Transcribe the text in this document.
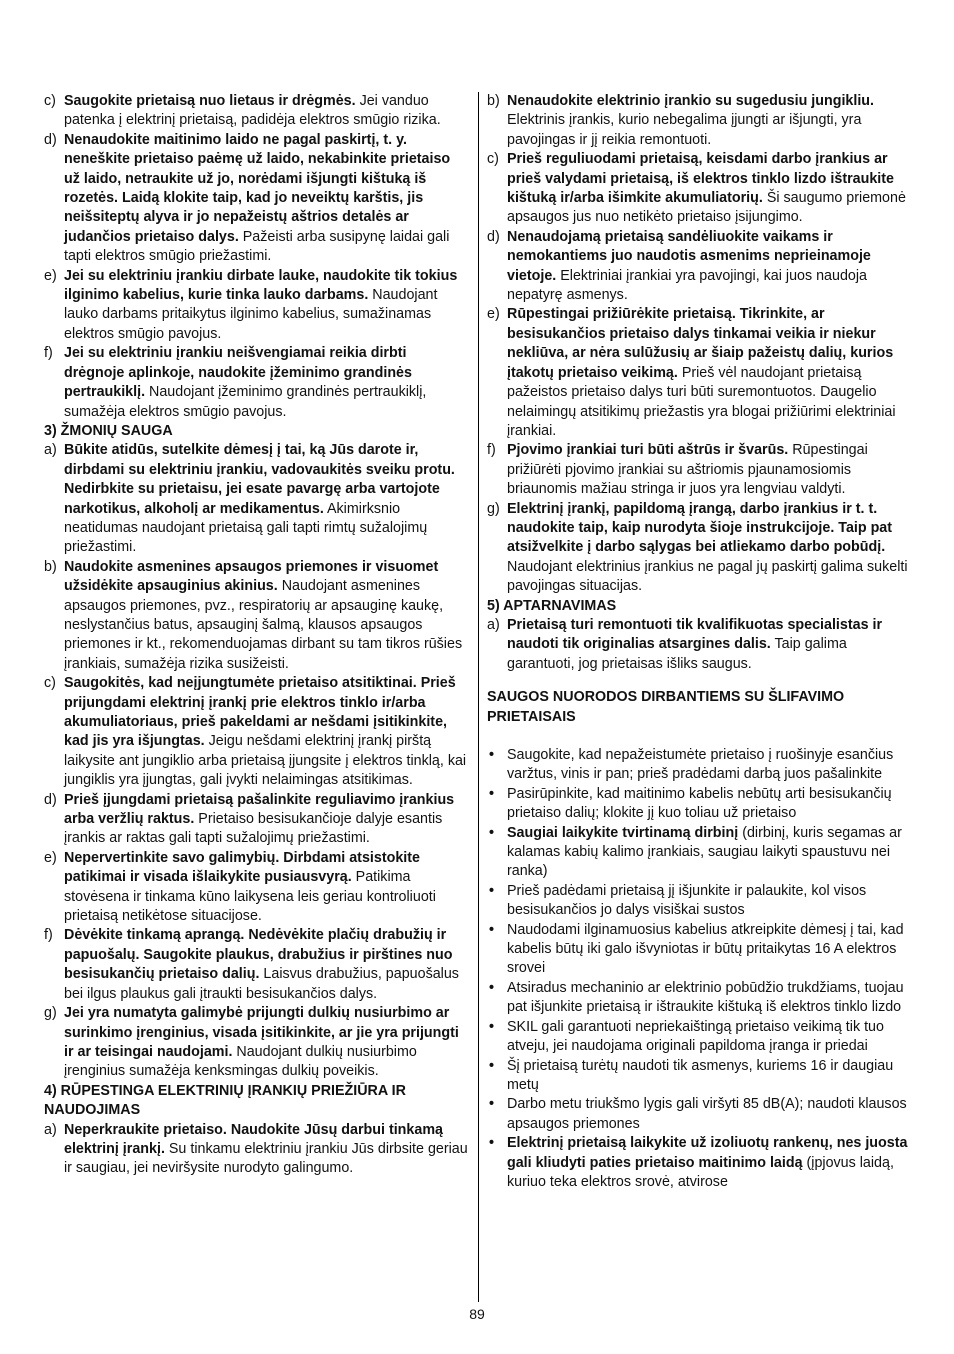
c) Saugokite prietaisą nuo lietaus ir drėgmės. Jei vanduo patenka į elektrinį prietaisą, padidėja elektros smūgio rizika.
d) Nenaudokite maitinimo laido ne pagal paskirtį, t. y. neneškite prietaiso paėmę už laido, nekabinkite prietaiso už laido, netraukite už jo, norėdami išjungti kištuką iš rozetės. Laidą klokite taip, kad jo neveiktų karštis, jis neišsiteptų alyva ir jo nepažeistų aštrios detalės ar judančios prietaiso dalys. Pažeisti arba susipynę laidai gali tapti elektros smūgio priežastimi.
e) Jei su elektriniu įrankiu dirbate lauke, naudokite tik tokius ilginimo kabelius, kurie tinka lauko darbams. Naudojant lauko darbams pritaikytus ilginimo kabelius, sumažinamas elektros smūgio pavojus.
f) Jei su elektriniu įrankiu neišvengiamai reikia dirbti drėgnoje aplinkoje, naudokite įžeminimo grandinės pertraukiklį. Naudojant įžeminimo grandinės pertraukiklį, sumažėja elektros smūgio pavojus.
3) ŽMONIŲ SAUGA
a) Būkite atidūs, sutelkite dėmesį į tai, ką Jūs darote ir, dirbdami su elektriniu įrankiu, vadovaukitės sveiku protu. Nedirbkite su prietaisu, jei esate pavargę arba vartojote narkotikus, alkoholį ar medikamentus. Akimirksnio neatidumas naudojant prietaisą gali tapti rimtų sužalojimų priežastimi.
b) Naudokite asmenines apsaugos priemones ir visuomet užsidėkite apsauginius akinius. Naudojant asmenines apsaugos priemones, pvz., respiratorių ar apsauginę kaukę, neslystančius batus, apsauginį šalmą, klausos apsaugos priemones ir kt., rekomenduojamas dirbant su tam tikros rūšies įrankiais, sumažėja rizika susižeisti.
c) Saugokitės, kad neįjungtumėte prietaiso atsitiktinai. Prieš prijungdami elektrinį įrankį prie elektros tinklo ir/arba akumuliatoriaus, prieš pakeldami ar nešdami įsitikinkite, kad jis yra išjungtas. Jeigu nešdami elektrinį įrankį pirštą laikysite ant jungiklio arba prietaisą įjungsite į elektros tinklą, kai jungiklis yra įjungtas, gali įvykti nelaimingas atsitikimas.
d) Prieš įjungdami prietaisą pašalinkite reguliavimo įrankius arba veržlių raktus. Prietaiso besisukančioje dalyje esantis įrankis ar raktas gali tapti sužalojimų priežastimi.
e) Nepervertinkite savo galimybių. Dirbdami atsistokite patikimai ir visada išlaikykite pusiausvyrą. Patikima stovėsena ir tinkama kūno laikysena leis geriau kontroliuoti prietaisą netikėtose situacijose.
f) Dėvėkite tinkamą aprangą. Nedėvėkite plačių drabužių ir papuošalų. Saugokite plaukus, drabužius ir pirštines nuo besisukančių prietaiso dalių. Laisvus drabužius, papuošalus bei ilgus plaukus gali įtraukti besisukančios dalys.
g) Jei yra numatyta galimybė prijungti dulkių nusiurbimo ar surinkimo įrenginius, visada įsitikinkite, ar jie yra prijungti ir ar teisingai naudojami. Naudojant dulkių nusiurbimo įrenginius sumažėja kenksmingas dulkių poveikis.
4) RŪPESTINGA ELEKTRINIŲ ĮRANKIŲ PRIEŽIŪRA IR NAUDOJIMAS
a) Neperkraukite prietaiso. Naudokite Jūsų darbui tinkamą elektrinį įrankį. Su tinkamu elektriniu įrankiu Jūs dirbsite geriau ir saugiau, jei neviršysite nurodyto galingumo.
b) Nenaudokite elektrinio įrankio su sugedusiu jungikliu. Elektrinis įrankis, kurio nebegalima įjungti ar išjungti, yra pavojingas ir jį reikia remontuoti.
c) Prieš reguliuodami prietaisą, keisdami darbo įrankius ar prieš valydami prietaisą, iš elektros tinklo lizdo ištraukite kištuką ir/arba išimkite akumuliatorių. Ši saugumo priemonė apsaugos jus nuo netikėto prietaiso įsijungimo.
d) Nenaudojamą prietaisą sandėliuokite vaikams ir nemokantiems juo naudotis asmenims neprieinamoje vietoje. Elektriniai įrankiai yra pavojingi, kai juos naudoja nepatyrę asmenys.
e) Rūpestingai prižiūrėkite prietaisą. Tikrinkite, ar besisukančios prietaiso dalys tinkamai veikia ir niekur nekliūva, ar nėra sulūžusių ar šiaip pažeistų dalių, kurios įtakotų prietaiso veikimą. Prieš vėl naudojant prietaisą pažeistos prietaiso dalys turi būti suremontuotos. Daugelio nelaimingų atsitikimų priežastis yra blogai prižiūrimi elektriniai įrankiai.
f) Pjovimo įrankiai turi būti aštrūs ir švarūs. Rūpestingai prižiūrėti pjovimo įrankiai su aštriomis pjaunamosiomis briaunomis mažiau stringa ir juos yra lengviau valdyti.
g) Elektrinį įrankį, papildomą įrangą, darbo įrankius ir t. t. naudokite taip, kaip nurodyta šioje instrukcijoje. Taip pat atsižvelkite į darbo sąlygas bei atliekamo darbo pobūdį. Naudojant elektrinius įrankius ne pagal jų paskirtį galima sukelti pavojingas situacijas.
5) APTARNAVIMAS
a) Prietaisą turi remontuoti tik kvalifikuotas specialistas ir naudoti tik originalias atsargines dalis. Taip galima garantuoti, jog prietaisas išliks saugus.
SAUGOS NUORODOS DIRBANTIEMS SU ŠLIFAVIMO PRIETAISAIS
• Saugokite, kad nepažeistumėte prietaiso į ruošinyje esančius varžtus, vinis ir pan; prieš pradėdami darbą juos pašalinkite
• Pasirūpinkite, kad maitinimo kabelis nebūtų arti besisukančių prietaiso dalių; klokite jį kuo toliau už prietaiso
• Saugiai laikykite tvirtinamą dirbinį (dirbinį, kuris segamas ar kalamas kabių kalimo įrankiais, saugiau laikyti spaustuvu nei ranka)
• Prieš padėdami prietaisą jį išjunkite ir palaukite, kol visos besisukančios jo dalys visiškai sustos
• Naudodami ilginamuosius kabelius atkreipkite dėmesį į tai, kad kabelis būtų iki galo išvyniotas ir būtų pritaikytas 16 A elektros srovei
• Atsiradus mechaninio ar elektrinio pobūdžio trukdžiams, tuojau pat išjunkite prietaisą ir ištraukite kištuką iš elektros tinklo lizdo
• SKIL gali garantuoti nepriekaištingą prietaiso veikimą tik tuo atveju, jei naudojama originali papildoma įranga ir priedai
• Šį prietaisą turėtų naudoti tik asmenys, kuriems 16 ir daugiau metų
• Darbo metu triukšmo lygis gali viršyti 85 dB(A); naudoti klausos apsaugos priemones
• Elektrinį prietaisą laikykite už izoliuotų rankenų, nes juosta gali kliudyti paties prietaiso maitinimo laidą (įpjovus laidą, kuriuo teka elektros srovė, atvirose
89
